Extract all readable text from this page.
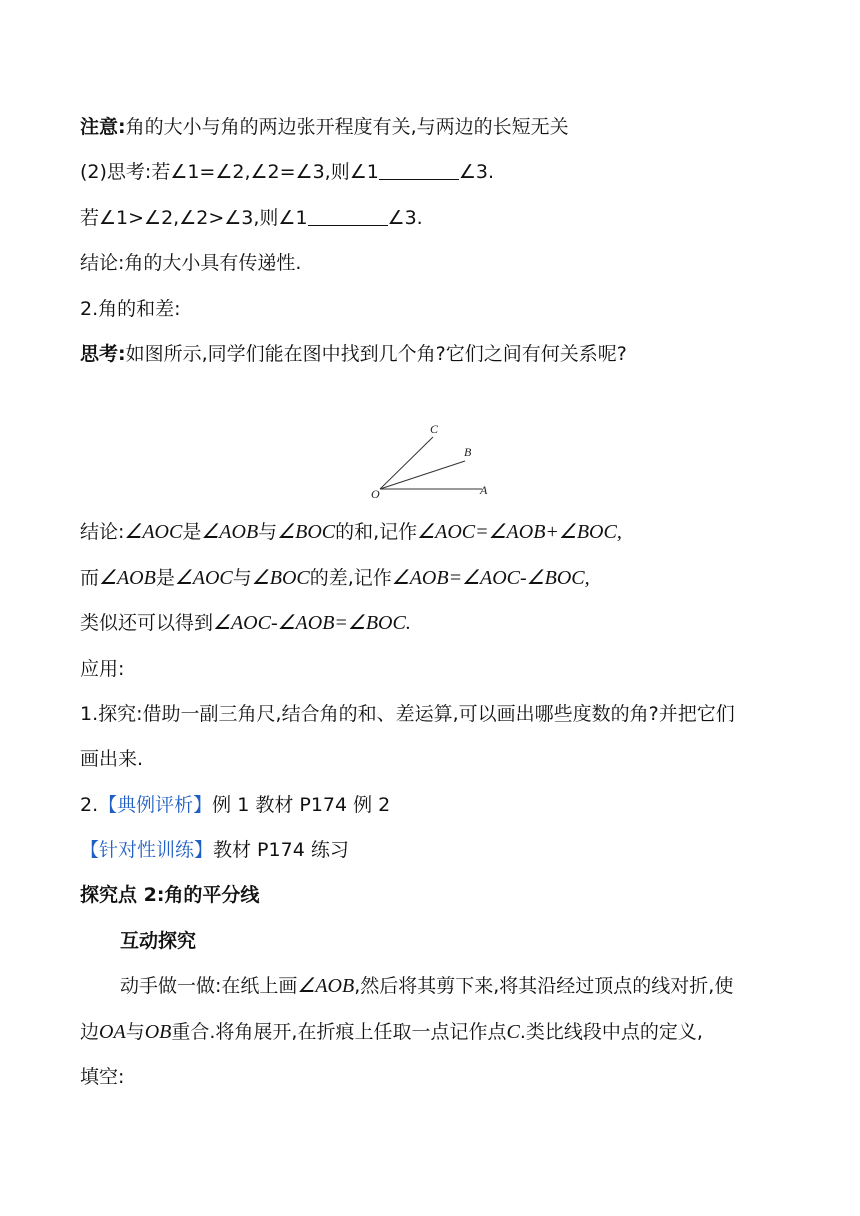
注意:角的大小与角的两边张开程度有关,与两边的长短无关
(2)思考:若∠1=∠2,∠2=∠3,则∠1	∠3.
若∠1>∠2,∠2>∠3,则∠1	∠3.
结论:角的大小具有传递性.
2.角的和差:
思考:如图所示,同学们能在图中找到几个角?它们之间有何关系呢?
C
B
O	A
结论:∠AOC是∠AOB与∠BOC的和,记作∠AOC=∠AOB+∠BOC,
而∠AOB是∠AOC与∠BOC的差,记作∠AOB=∠AOC-∠BOC,
类似还可以得到∠AOC-∠AOB=∠BOC.
应用:
1.探究:借助一副三角尺,结合角的和、差运算,可以画出哪些度数的角?并把它们
画出来.
2.【典例评析】例 1 教材 P174 例 2
【针对性训练】教材 P174 练习
探究点 2:角的平分线
互动探究
动手做一做:在纸上画∠AOB,然后将其剪下来,将其沿经过顶点的线对折,使
边OA与OB重合.将角展开,在折痕上任取一点记作点C.类比线段中点的定义,
填空:
